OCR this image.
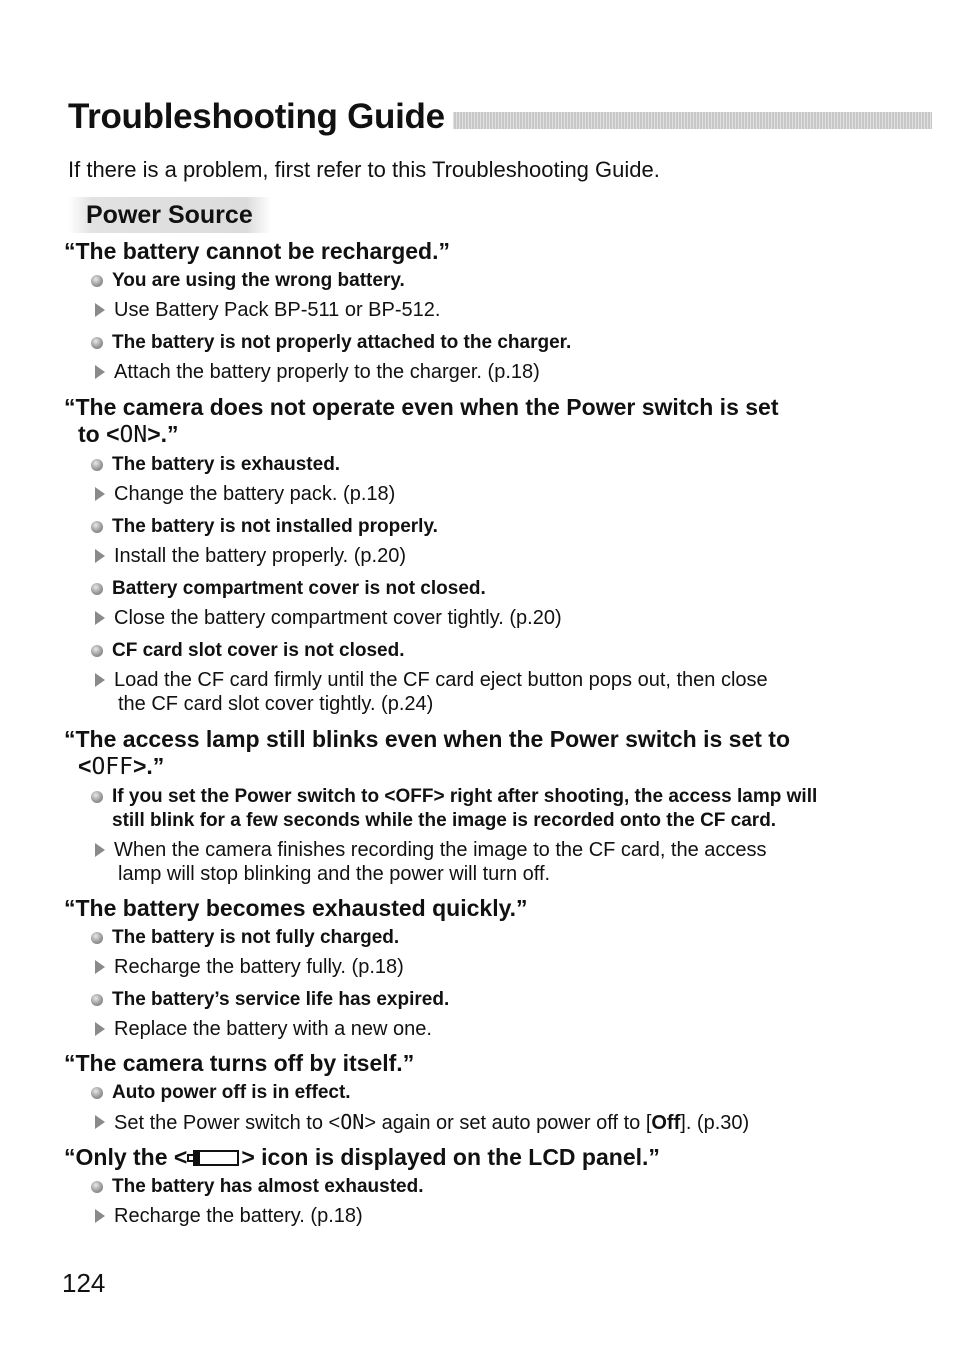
Troubleshooting Guide

If there is a problem, first refer to this Troubleshooting Guide.

Power Source
“The battery cannot be recharged.”

You are using the wrong battery.

Use Battery Pack BP-511 or BP-512.

The battery is not properly attached to the charger.

Attach the battery properly to the charger. (p.18)

“The camera does not operate even when the Power switch is set
to <ON>.”

The battery is exhausted.

Change the battery pack. (p.18)

The battery is not installed properly.

Install the battery properly. (p.20)

Battery compartment cover is not closed.

Close the battery compartment cover tightly. (p.20)

CF card slot cover is not closed.

Load the CF card firmly until the CF card eject button pops out, then close
the CF card slot cover tightly. (p.24)

“The access lamp still blinks even when the Power switch is set to
<OFF>.”

If you set the Power switch to <OFF> right after shooting, the access lamp will still blink for a few seconds while the image is recorded onto the CF card.

When the camera finishes recording the image to the CF card, the access
lamp will stop blinking and the power will turn off.

“The battery becomes exhausted quickly.”

The battery is not fully charged.

Recharge the battery fully. (p.18)

The battery’s service life has expired.

Replace the battery with a new one.

“The camera turns off by itself.”

Auto power off is in effect.

Set the Power switch to <ON> again or set auto power off to [Off]. (p.30)

“Only the < > icon is displayed on the LCD panel.”

The battery has almost exhausted.

Recharge the battery. (p.18)

124
